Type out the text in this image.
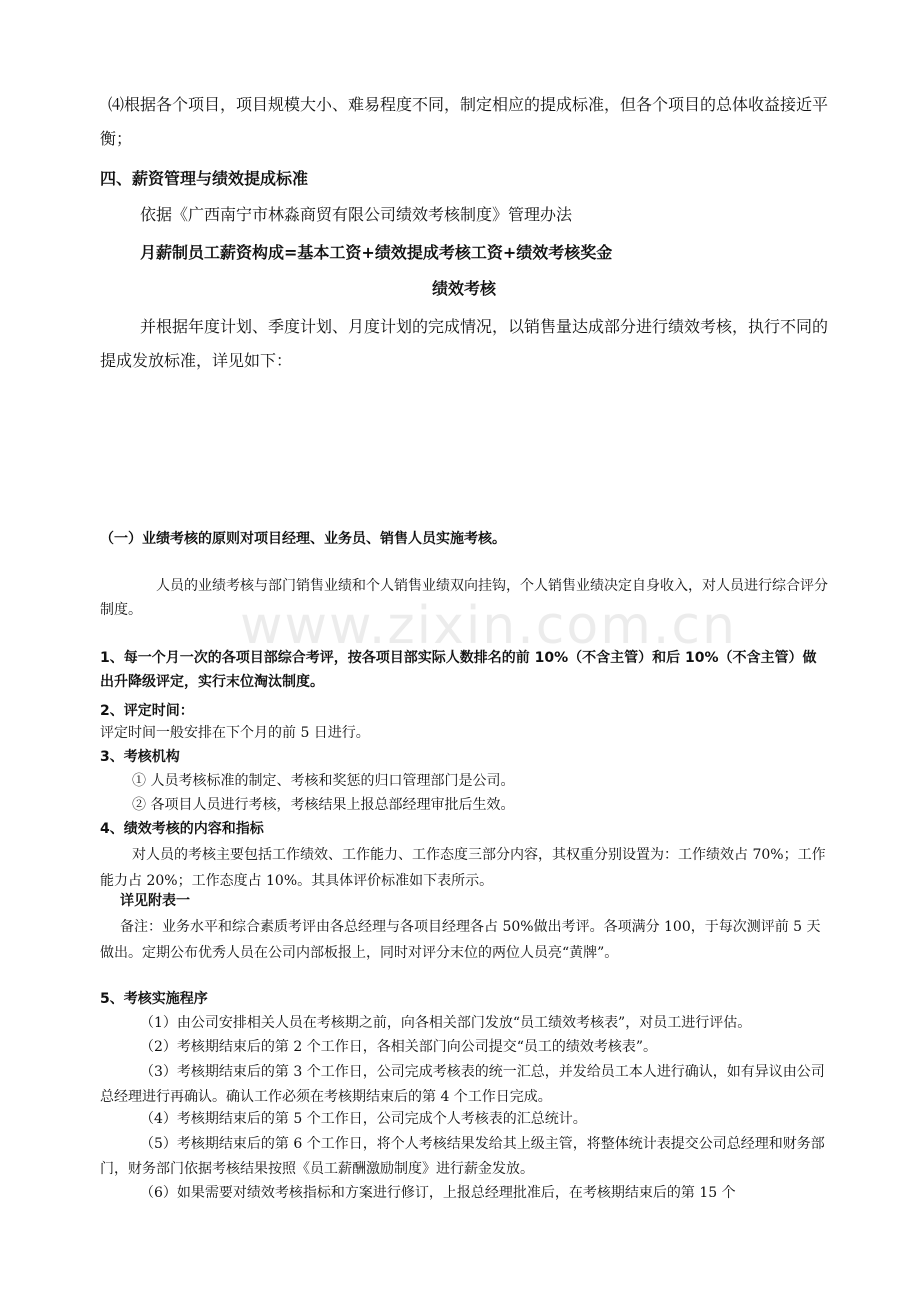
www.zixin.com.cn

⑷根据各个项目，项目规模大小、难易程度不同，制定相应的提成标准，但各个项目的总体收益接近平衡；

四、薪资管理与绩效提成标准

依据《广西南宁市林淼商贸有限公司绩效考核制度》管理办法

月薪制员工薪资构成=基本工资+绩效提成考核工资+绩效考核奖金

绩效考核

并根据年度计划、季度计划、月度计划的完成情况，以销售量达成部分进行绩效考核，执行不同的提成发放标准，详见如下：

（一）业绩考核的原则对项目经理、业务员、销售人员实施考核。

人员的业绩考核与部门销售业绩和个人销售业绩双向挂钩，个人销售业绩决定自身收入，对人员进行综合评分制度。

1、每一个月一次的各项目部综合考评，按各项目部实际人数排名的前 10%（不含主管）和后 10%（不含主管）做出升降级评定，实行末位淘汰制度。

2、评定时间：

评定时间一般安排在下个月的前 5 日进行。

3、考核机构

① 人员考核标准的制定、考核和奖惩的归口管理部门是公司。

② 各项目人员进行考核，考核结果上报总部经理审批后生效。

4、绩效考核的内容和指标

对人员的考核主要包括工作绩效、工作能力、工作态度三部分内容，其权重分别设置为：工作绩效占 70%；工作能力占 20%；工作态度占 10%。其具体评价标准如下表所示。

详见附表一

备注：业务水平和综合素质考评由各总经理与各项目经理各占 50%做出考评。各项满分 100，于每次测评前 5 天做出。定期公布优秀人员在公司内部板报上，同时对评分末位的两位人员亮“黄牌”。

5、考核实施程序

（1）由公司安排相关人员在考核期之前，向各相关部门发放“员工绩效考核表”，对员工进行评估。

（2）考核期结束后的第 2 个工作日，各相关部门向公司提交“员工的绩效考核表”。

（3）考核期结束后的第 3 个工作日，公司完成考核表的统一汇总，并发给员工本人进行确认，如有异议由公司总经理进行再确认。确认工作必须在考核期结束后的第 4 个工作日完成。

（4）考核期结束后的第 5 个工作日，公司完成个人考核表的汇总统计。

（5）考核期结束后的第 6 个工作日，将个人考核结果发给其上级主管，将整体统计表提交公司总经理和财务部门，财务部门依据考核结果按照《员工薪酬激励制度》进行薪金发放。

（6）如果需要对绩效考核指标和方案进行修订，上报总经理批准后，在考核期结束后的第 15 个
